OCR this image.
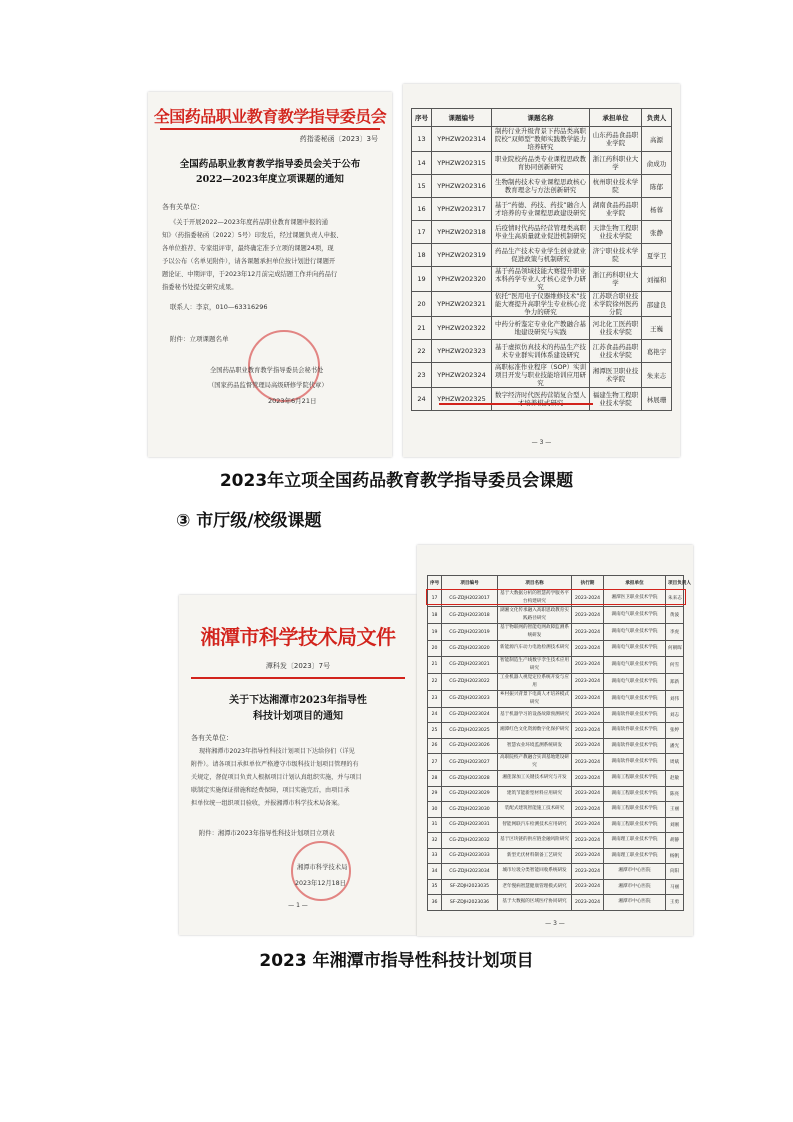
全国药品职业教育教学指导委员会
药指委秘函〔2023〕3号
全国药品职业教育教学指导委员会关于公布
2022—2023年度立项课题的通知
各有关单位：
《关于开展2022—2023年度药品职业教育课题申报的通
知》（药指委秘函〔2022〕5号）印发后，经过课题负责人申报、
各单位推荐、专家组评审，最终确定准予立项的课题24项，现
予以公布（名单见附件），请各课题承担单位按计划进行课题开
题论证、中期评审，于2023年12月前完成结题工作并向药品行
指委秘书处提交研究成果。
联系人：李京，010—63316296
附件：立项课题名单
全国药品职业教育教学指导委员会秘书处
（国家药品监督管理局高级研修学院代章）
2023年6月21日
序号	课题编号	课题名称	承担单位	负责人
13	YPHZW202314	制药行业升级背景下药品类高职院校“双师型”教师实践教学能力培养研究	山东药品食品职业学院	高源
14	YPHZW202315	职业院校药品类专业课程思政教育协同创新研究	浙江药科职业大学	俞成功
15	YPHZW202316	生物制药技术专业课程思政核心教育理念与方法创新研究	杭州职业技术学院	陈郁
16	YPHZW202317	基于“药德、药技、药技”融合人才培养的专业课程思政建设研究	湖南食品药品职业学院	杨蓉
17	YPHZW202318	后疫情时代药品经营管理类高职毕业生高质量就业促进机制研究	天津生物工程职业技术学院	张静
18	YPHZW202319	药品生产技术专业学生创业就业促进政策与机制研究	济宁职业技术学院	夏学卫
19	YPHZW202320	基于药品领域技能大赛提升职业本科药学专业人才核心竞争力研究	浙江药科职业大学	刘福和
20	YPHZW202321	依托“医用电子仪器维修技术”技能大赛提升高职学生专业核心竞争力的研究	江苏联合职业技术学院徐州医药分院	邵建良
21	YPHZW202322	中药分析鉴定专业化产教融合基地建设研究与实践	河北化工医药职业技术学院	王巍
22	YPHZW202323	基于虚拟仿真技术的药品生产技术专业群实训体系建设研究	江苏食品药品职业技术学院	葛艳宇
23	YPHZW202324	高职标准作业程序（SOP）实训项目开发与职业技能培训应用研究	湘潭医卫职业技术学院	朱来志
24	YPHZW202325	数字经济时代医药营销复合型人	福建生物工程职业技术学院	林展珊
— 3 —
2023年立项全国药品教育教学指导委员会课题
③ 市厅级/校级课题
湘潭市科学技术局文件
潭科发〔2023〕7号
关于下达湘潭市2023年指导性
科技计划项目的通知
各有关单位：
现将湘潭市2023年指导性科技计划项目下达给你们（详见
附件）。请各项目承担单位严格遵守市级科技计划项目管理的有
关规定，督促项目负责人根据项目计划认真组织实施，并与项目
联制定实施保证措施和经费保障，项目实施完后，由项目承
担单位统一组织项目验收，并报湘潭市科学技术局备案。
附件：湘潭市2023年指导性科技计划项目立项表
湘潭市科学技术局
2023年12月18日
— 1 —
序号	项目编号	项目名称	执行期	承担单位	项目负责人
17	CG-ZDJH2023017	基于大数据分析的智慧药学服务平台构建研究	2023-2024	湘潭医卫职业技术学院	朱来志
18	CG-ZDJH2023018	湖湘文化传承融入高职思政教育实践路径研究	2023-2024	湖南电气职业技术学院	黄波
19	CG-ZDJH2023019	基于物联网的智能电网故障监测系统研发	2023-2024	湖南电气职业技术学院	李虎
20	CG-ZDJH2023020	新能源汽车动力电池检测技术研究	2023-2024	湖南电气职业技术学院	何朝晖
21	CG-ZDJH2023021	智能制造生产线数字孪生技术应用研究	2023-2024	湖南电气职业技术学院	何雪
22	CG-ZDJH2023022	工业机器人视觉定位系统开发与应用	2023-2024	湖南电气职业技术学院	郑新
23	CG-ZDJH2023023	乡村振兴背景下电商人才培养模式研究	2023-2024	湖南电气职业技术学院	刘伟
24	CG-ZDJH2023024	基于机器学习的设备故障预测研究	2023-2024	湖南软件职业技术学院	刘志
25	CG-ZDJH2023025	湘潭红色文化资源数字化保护研究	2023-2024	湖南软件职业技术学院	张婷
26	CG-ZDJH2023026	智慧农业环境监测系统研发	2023-2024	湖南软件职业技术学院	潘光
27	CG-ZDJH2023027	高职院校产教融合实训基地建设研究	2023-2024	湖南软件职业技术学院	周斌
28	CG-ZDJH2023028	湘莲深加工关键技术研究与开发	2023-2024	湖南工程职业技术学院	赵敏
29	CG-ZDJH2023029	建筑节能新型材料应用研究	2023-2024	湖南工程职业技术学院	陈亮
30	CG-ZDJH2023030	装配式建筑智能施工技术研究	2023-2024	湖南工程职业技术学院	王丽
31	CG-ZDJH2023031	智能网联汽车检测技术应用研究	2023-2024	湖南工程职业技术学院	刘刚
32	CG-ZDJH2023032	基于区块链的供应链金融风险研究	2023-2024	湖南理工职业技术学院	胡静
33	CG-ZDJH2023033	新型光伏材料制备工艺研究	2023-2024	湖南理工职业技术学院	杨帆
34	CG-ZDJH2023034	城市垃圾分类智能回收系统研发	2023-2024	湘潭市中心医院	向阳
35	SF-ZDJH2023035	老年慢病智慧健康管理模式研究	2023-2024	湘潭市中心医院	马丽
36	SF-ZDJH2023036	基于大数据的区域医疗协同研究	2023-2024	湘潭市中心医院	王勇
— 3 —
2023 年湘潭市指导性科技计划项目
